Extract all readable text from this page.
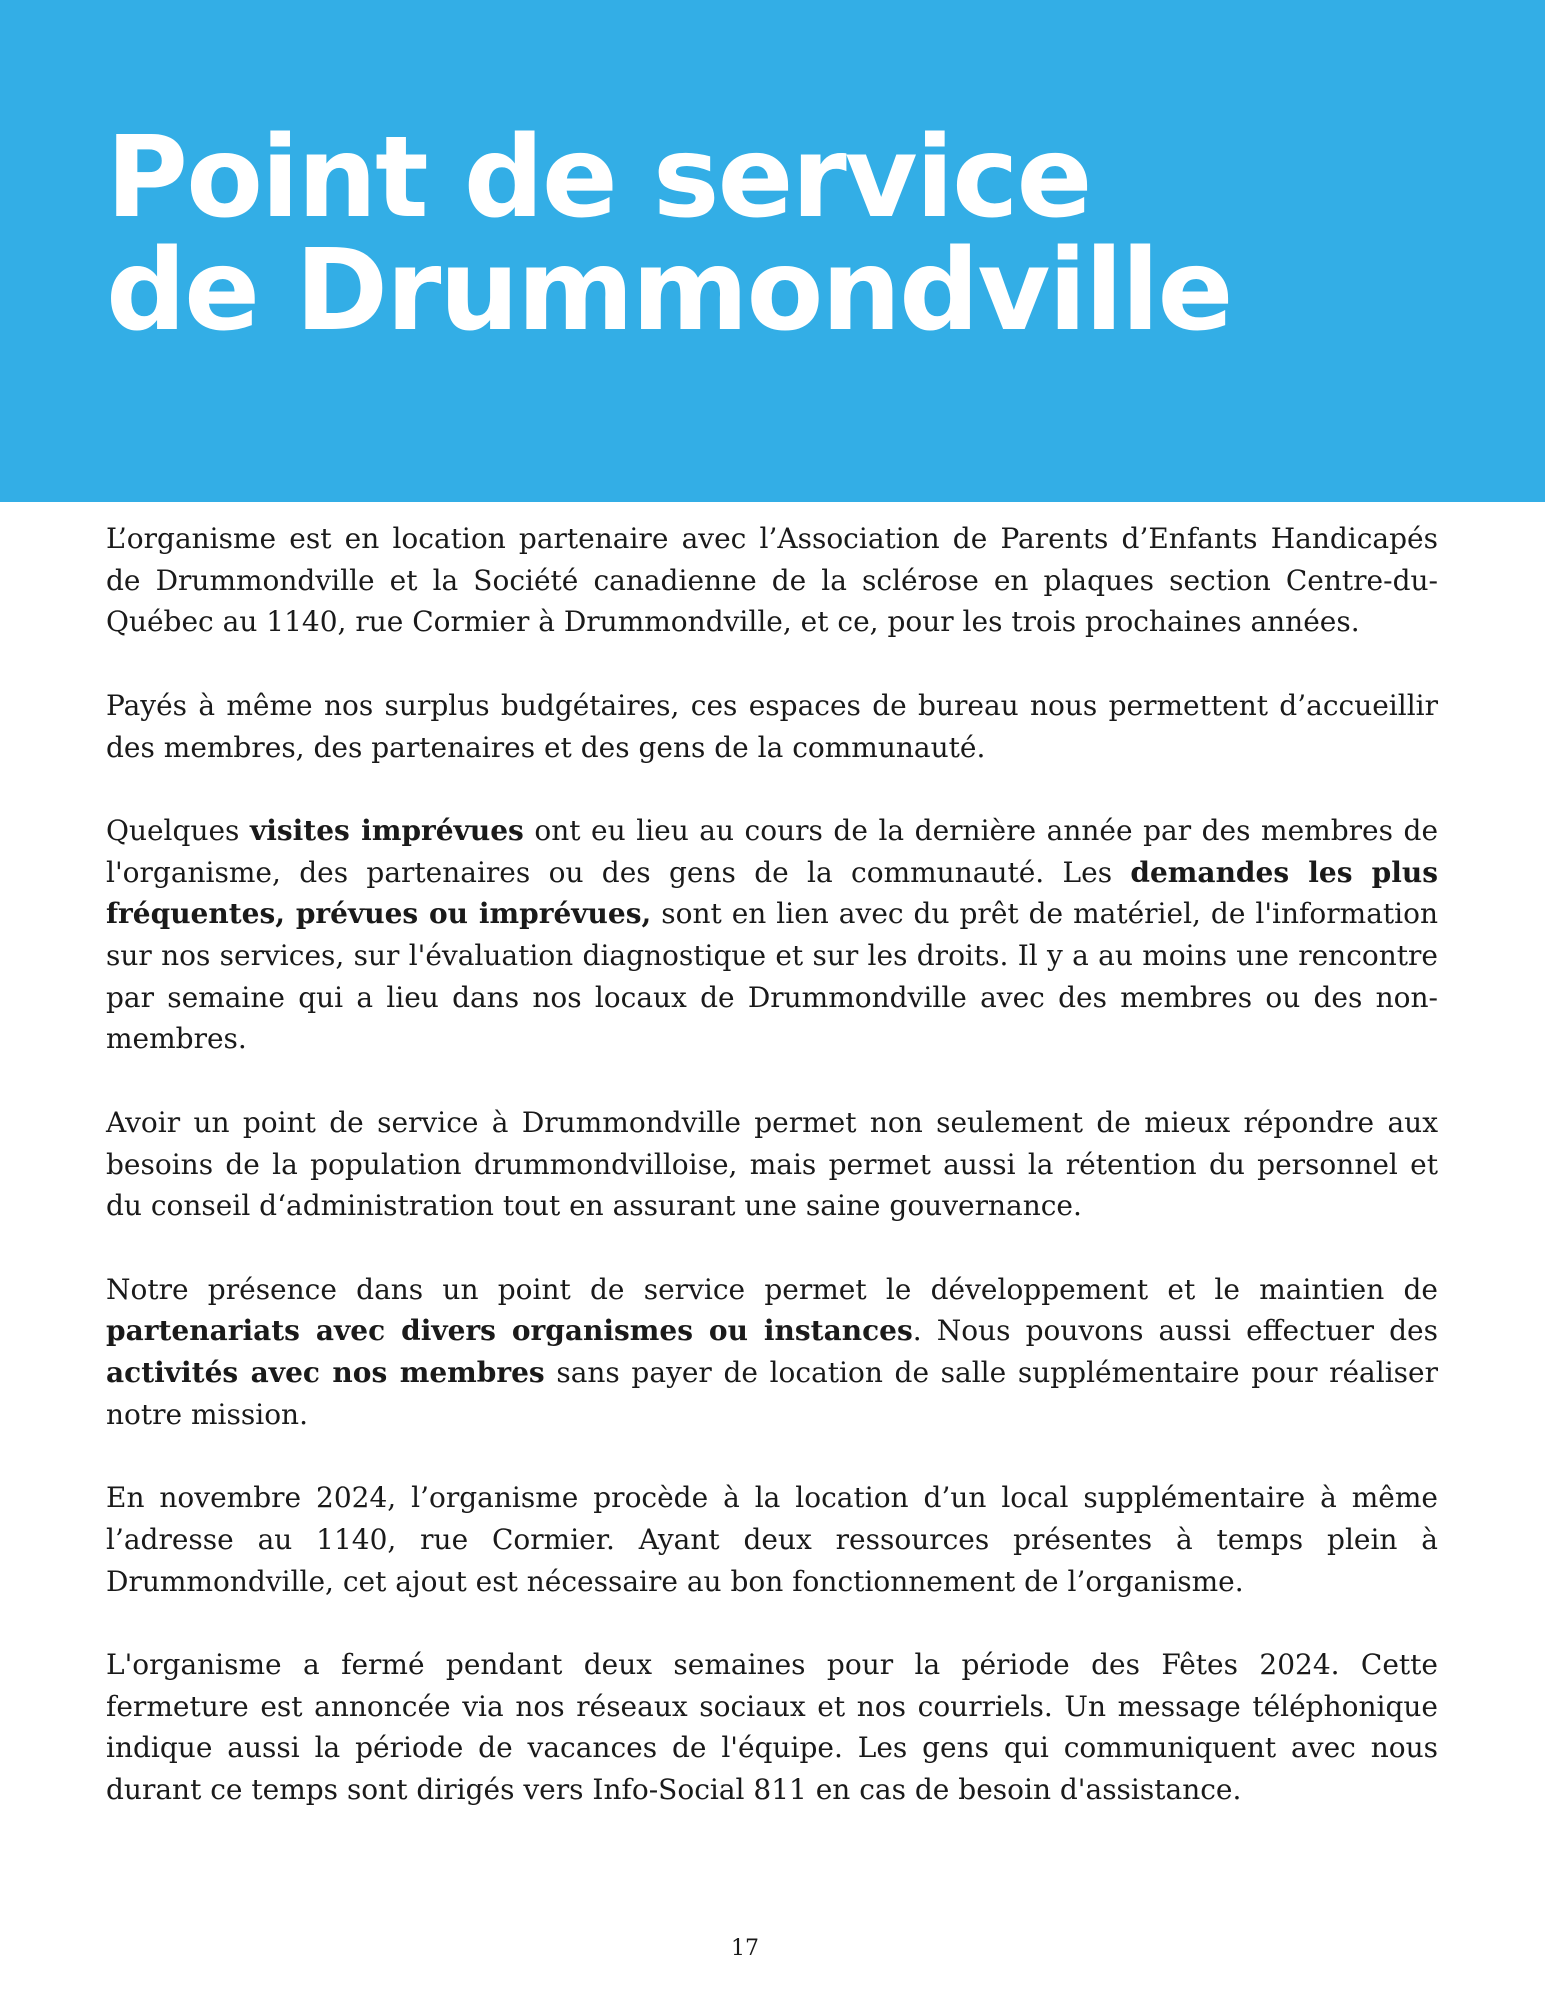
Point de service
de Drummondville

L’organisme est en location partenaire avec l’Association de Parents d’Enfants Handicapés de Drummondville et la Société canadienne de la sclérose en plaques section Centre-du-Québec au 1140, rue Cormier à Drummondville, et ce, pour les trois prochaines années.

Payés à même nos surplus budgétaires, ces espaces de bureau nous permettent d’accueillir des membres, des partenaires et des gens de la communauté.

Quelques visites imprévues ont eu lieu au cours de la dernière année par des membres de l'organisme, des partenaires ou des gens de la communauté. Les demandes les plus fréquentes, prévues ou imprévues, sont en lien avec du prêt de matériel, de l'information sur nos services, sur l'évaluation diagnostique et sur les droits. Il y a au moins une rencontre par semaine qui a lieu dans nos locaux de Drummondville avec des membres ou des non-membres.

Avoir un point de service à Drummondville permet non seulement de mieux répondre aux besoins de la population drummondvilloise, mais permet aussi la rétention du personnel et du conseil d‘administration tout en assurant une saine gouvernance.

Notre présence dans un point de service permet le développement et le maintien de partenariats avec divers organismes ou instances. Nous pouvons aussi effectuer des activités avec nos membres sans payer de location de salle supplémentaire pour réaliser notre mission.

En novembre 2024, l’organisme procède à la location d’un local supplémentaire à même l’adresse au 1140, rue Cormier. Ayant deux ressources présentes à temps plein à Drummondville, cet ajout est nécessaire au bon fonctionnement de l’organisme.

L'organisme a fermé pendant deux semaines pour la période des Fêtes 2024. Cette fermeture est annoncée via nos réseaux sociaux et nos courriels. Un message téléphonique indique aussi la période de vacances de l'équipe. Les gens qui communiquent avec nous durant ce temps sont dirigés vers Info-Social 811 en cas de besoin d'assistance.

17
